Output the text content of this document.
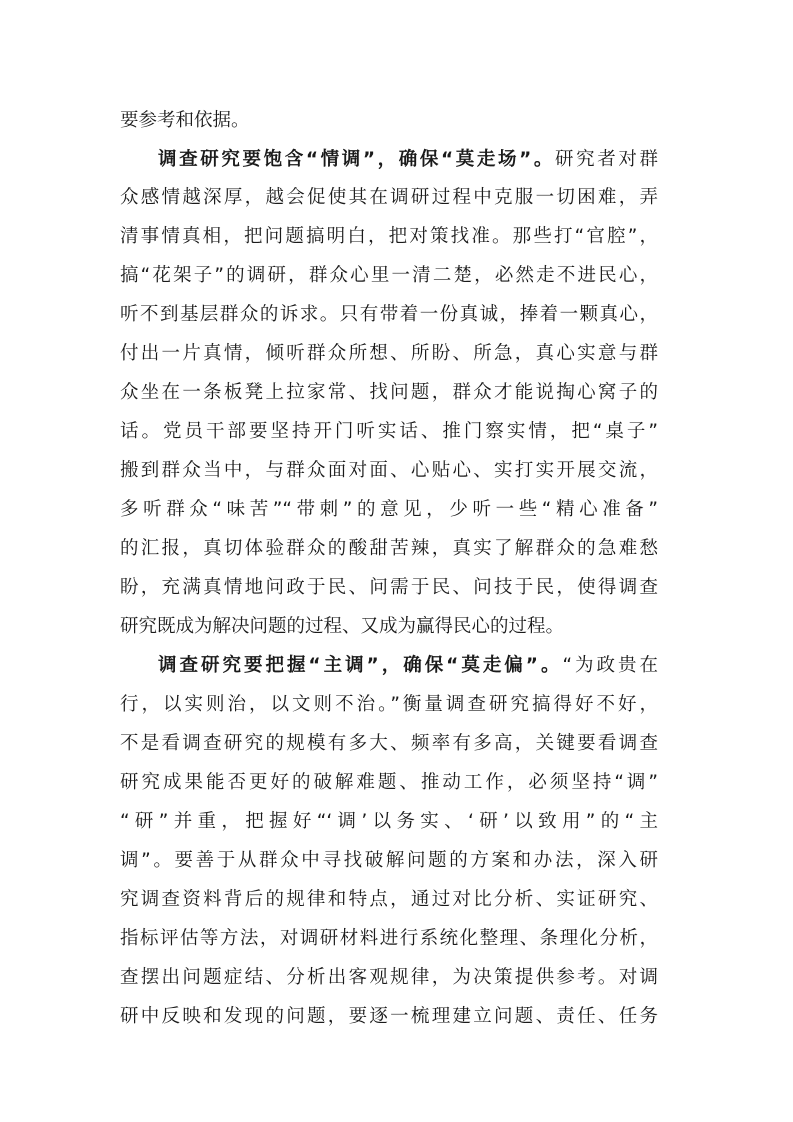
要参考和依据。
调查研究要饱含“情调”，确保“莫走场”。研究者对群
众感情越深厚，越会促使其在调研过程中克服一切困难，弄
清事情真相，把问题搞明白，把对策找准。那些打“官腔”，
搞“花架子”的调研，群众心里一清二楚，必然走不进民心，
听不到基层群众的诉求。只有带着一份真诚，捧着一颗真心，
付出一片真情，倾听群众所想、所盼、所急，真心实意与群
众坐在一条板凳上拉家常、找问题，群众才能说掏心窝子的
话。党员干部要坚持开门听实话、推门察实情，把“桌子”
搬到群众当中，与群众面对面、心贴心、实打实开展交流，
多听群众“味苦”“带刺”的意见，少听一些“精心准备”
的汇报，真切体验群众的酸甜苦辣，真实了解群众的急难愁
盼，充满真情地问政于民、问需于民、问技于民，使得调查
研究既成为解决问题的过程、又成为赢得民心的过程。
调查研究要把握“主调”，确保“莫走偏”。“为政贵在
行，以实则治，以文则不治。”衡量调查研究搞得好不好，
不是看调查研究的规模有多大、频率有多高，关键要看调查
研究成果能否更好的破解难题、推动工作，必须坚持“调”
“研”并重，把握好“‘调’以务实、‘研’以致用”的“主
调”。要善于从群众中寻找破解问题的方案和办法，深入研
究调查资料背后的规律和特点，通过对比分析、实证研究、
指标评估等方法，对调研材料进行系统化整理、条理化分析，
查摆出问题症结、分析出客观规律，为决策提供参考。对调
研中反映和发现的问题，要逐一梳理建立问题、责任、任务
